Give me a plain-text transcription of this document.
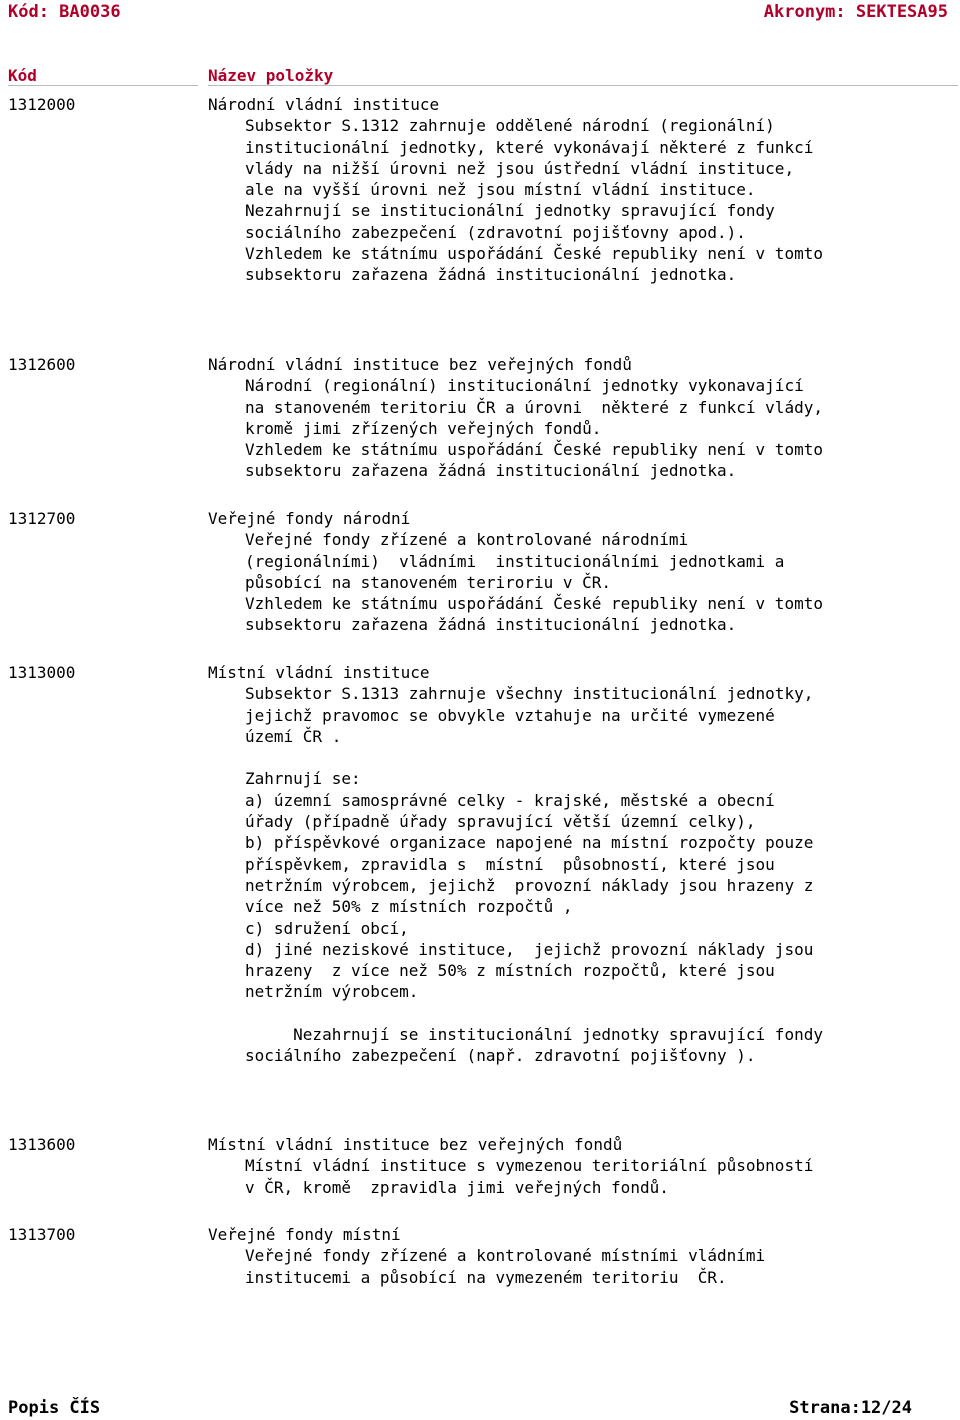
Kód: BA0036	Akronym: SEKTESA95
Kód	Název položky
1312000	Národní vládní instituce
Subsektor S.1312 zahrnuje oddělené národní (regionální)
institucionální jednotky, které vykonávají některé z funkcí
vlády na nižší úrovni než jsou ústřední vládní instituce,
ale na vyšší úrovni než jsou místní vládní instituce.
Nezahrnují se institucionální jednotky spravující fondy
sociálního zabezpečení (zdravotní pojišťovny apod.).
Vzhledem ke státnímu uspořádání České republiky není v tomto
subsektoru zařazena žádná institucionální jednotka.
1312600	Národní vládní instituce bez veřejných fondů
Národní (regionální) institucionální jednotky vykonavající
na stanoveném teritoriu ČR a úrovni  některé z funkcí vlády,
kromě jimi zřízených veřejných fondů.
Vzhledem ke státnímu uspořádání České republiky není v tomto
subsektoru zařazena žádná institucionální jednotka.
1312700	Veřejné fondy národní
Veřejné fondy zřízené a kontrolované národními
(regionálními)  vládními  institucionálními jednotkami a
působící na stanoveném teriroriu v ČR.
Vzhledem ke státnímu uspořádání České republiky není v tomto
subsektoru zařazena žádná institucionální jednotka.
1313000	Místní vládní instituce
Subsektor S.1313 zahrnuje všechny institucionální jednotky,
jejichž pravomoc se obvykle vztahuje na určité vymezené
území ČR .

Zahrnují se:
a) územní samosprávné celky - krajské, městské a obecní
úřady (případně úřady spravující větší územní celky),
b) příspěvkové organizace napojené na místní rozpočty pouze
příspěvkem, zpravidla s  místní  působností, které jsou
netržním výrobcem, jejichž  provozní náklady jsou hrazeny z
více než 50% z místních rozpočtů ,
c) sdružení obcí,
d) jiné neziskové instituce,  jejichž provozní náklady jsou
hrazeny  z více než 50% z místních rozpočtů, které jsou
netržním výrobcem.

Nezahrnují se institucionální jednotky spravující fondy
sociálního zabezpečení (např. zdravotní pojišťovny ).
1313600	Místní vládní instituce bez veřejných fondů
Místní vládní instituce s vymezenou teritoriální působností
v ČR, kromě  zpravidla jimi veřejných fondů.
1313700	Veřejné fondy místní
Veřejné fondy zřízené a kontrolované místními vládními
institucemi a působící na vymezeném teritoriu  ČR.
Popis ČÍS	Strana:12/24
